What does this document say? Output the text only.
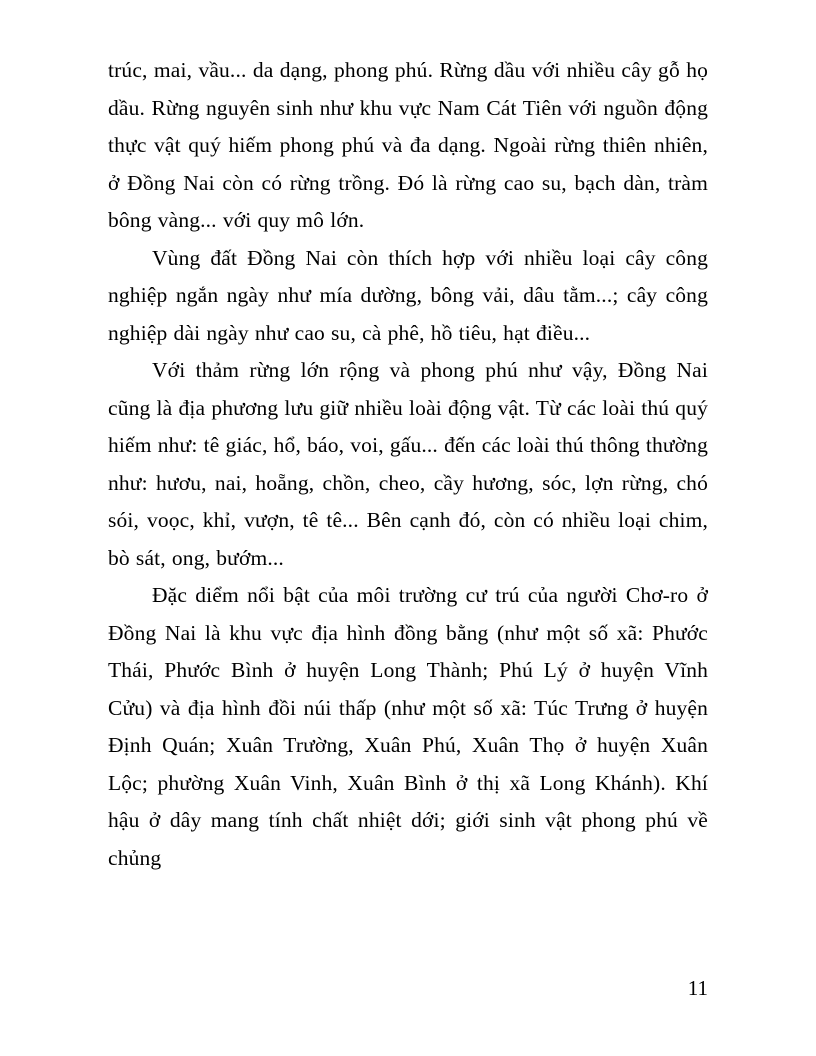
trúc, mai, vầu... da dạng, phong phú. Rừng dầu với nhiều cây gỗ họ dầu. Rừng nguyên sinh như khu vực Nam Cát Tiên với nguồn động thực vật quý hiếm phong phú và đa dạng. Ngoài rừng thiên nhiên, ở Đồng Nai còn có rừng trồng. Đó là rừng cao su, bạch dàn, tràm bông vàng... với quy mô lớn.

Vùng đất Đồng Nai còn thích hợp với nhiều loại cây công nghiệp ngắn ngày như mía dường, bông vải, dâu tằm...; cây công nghiệp dài ngày như cao su, cà phê, hồ tiêu, hạt điều...

Với thảm rừng lớn rộng và phong phú như vậy, Đồng Nai cũng là địa phương lưu giữ nhiều loài động vật. Từ các loài thú quý hiếm như: tê giác, hổ, báo, voi, gấu... đến các loài thú thông thường như: hươu, nai, hoẵng, chồn, cheo, cầy hương, sóc, lợn rừng, chó sói, voọc, khỉ, vượn, tê tê... Bên cạnh đó, còn có nhiều loại chim, bò sát, ong, bướm...

Đặc diểm nổi bật của môi trường cư trú của người Chơ-ro ở Đồng Nai là khu vực địa hình đồng bằng (như một số xã: Phước Thái, Phước Bình ở huyện Long Thành; Phú Lý ở huyện Vĩnh Cửu) và địa hình đồi núi thấp (như một số xã: Túc Trưng ở huyện Định Quán; Xuân Trường, Xuân Phú, Xuân Thọ ở huyện Xuân Lộc; phường Xuân Vinh, Xuân Bình ở thị xã Long Khánh). Khí hậu ở dây mang tính chất nhiệt dới; giới sinh vật phong phú về chủng

11
